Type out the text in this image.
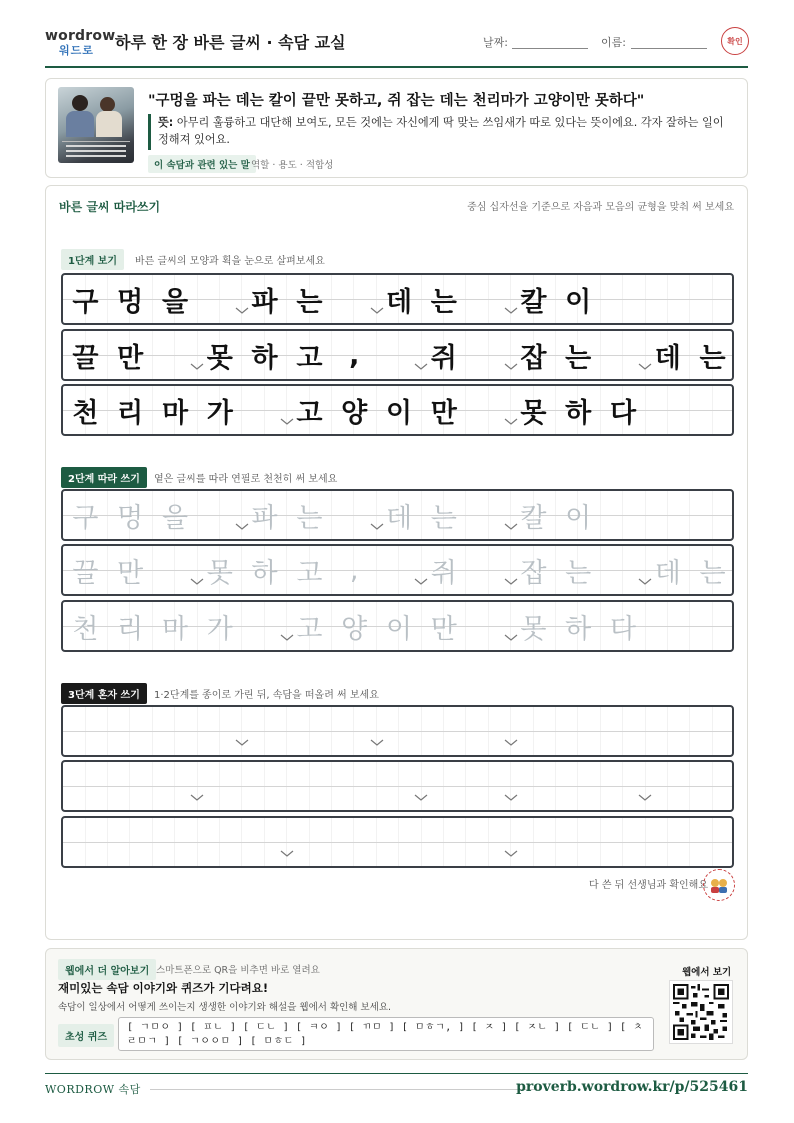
wordrow
워드로 하루 한 장 바른 글씨 · 속담 교실	날짜:	이름:	확인
"구멍을 파는 데는 칼이 끝만 못하고, 쥐 잡는 데는 천리마가 고양이만 못하다"
뜻: 아무리 훌륭하고 대단해 보여도, 모든 것에는 자신에게 딱 맞는 쓰임새가 따로 있다는 뜻이에요. 각자 잘하는 일이 정해져 있어요.
이 속담과 관련 있는 말 역할 · 용도 · 적합성
바른 글씨 따라쓰기	중심 십자선을 기준으로 자음과 모음의 균형을 맞춰 써 보세요
1단계 보기	바른 글씨의 모양과 획을 눈으로 살펴보세요
구 멍 을	파 는	데 는	칼 이
끌 만	못 하 고 ,	쥐	잡 는	데 는
천 리 마 가	고 양 이 만	못 하 다
2단계 따라 쓰기	옅은 글씨를 따라 연필로 천천히 써 보세요
구 멍 을	파 는	데 는	칼 이
끌 만	못 하 고	,	쥐	잡 는	데 는
천 리 마 가	고 양 이 만	못 하 다
3단계 혼자 쓰기	1·2단계를 종이로 가린 뒤, 속담을 떠올려 써 보세요
다 쓴 뒤 선생님과 확인해요
웹에서 더 알아보기 스마트폰으로 QR을 비추면 바로 열려요
재미있는 속담 이야기와 퀴즈가 기다려요!
속담이 일상에서 어떻게 쓰이는지 생생한 이야기와 해설을 웹에서 확인해 보세요.
초성 퀴즈
[ ㄱㅁㅇ ] [ ㅍㄴ ] [ ㄷㄴ ] [ ㅋㅇ ] [ ㄲㅁ ] [ ㅁㅎㄱ, ] [ ㅈ ] [ ㅈㄴ ] [ ㄷㄴ ] [ ㅊㄹㅁㄱ ] [ ㄱㅇㅇㅁ ] [ ㅁㅎㄷ ]
웹에서 보기
WORDROW 속담	proverb.wordrow.kr/p/525461
